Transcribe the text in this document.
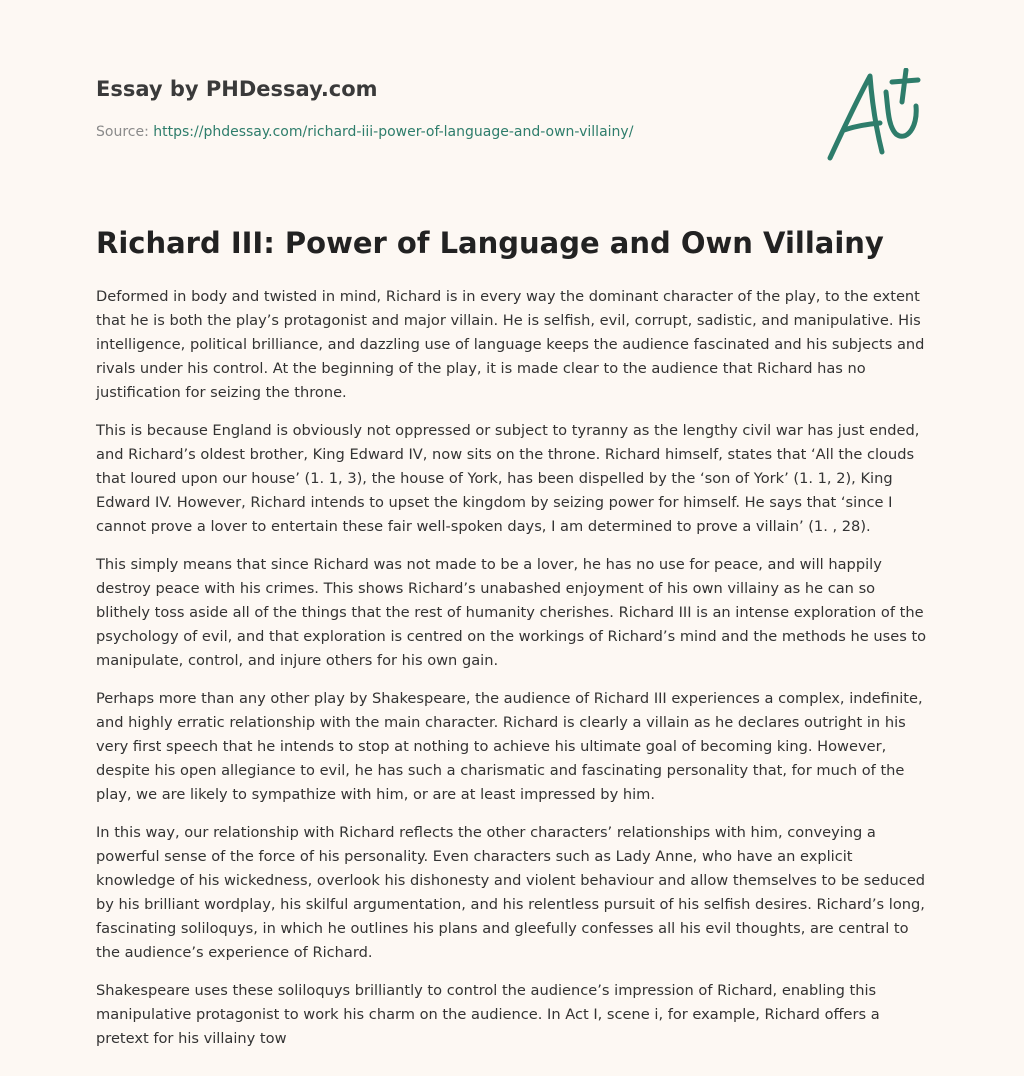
Essay by PHDessay.com
Source: https://phdessay.com/richard-iii-power-of-language-and-own-villainy/
Richard III: Power of Language and Own Villainy

Deformed in body and twisted in mind, Richard is in every way the dominant character of the play, to the extent that he is both the play’s protagonist and major villain. He is selfish, evil, corrupt, sadistic, and manipulative. His intelligence, political brilliance, and dazzling use of language keeps the audience fascinated and his subjects and rivals under his control. At the beginning of the play, it is made clear to the audience that Richard has no justification for seizing the throne.

This is because England is obviously not oppressed or subject to tyranny as the lengthy civil war has just ended, and Richard’s oldest brother, King Edward IV, now sits on the throne. Richard himself, states that ‘All the clouds that loured upon our house’ (1. 1, 3), the house of York, has been dispelled by the ‘son of York’ (1. 1, 2), King Edward IV. However, Richard intends to upset the kingdom by seizing power for himself. He says that ‘since I cannot prove a lover to entertain these fair well-spoken days, I am determined to prove a villain’ (1. , 28).

This simply means that since Richard was not made to be a lover, he has no use for peace, and will happily destroy peace with his crimes. This shows Richard’s unabashed enjoyment of his own villainy as he can so blithely toss aside all of the things that the rest of humanity cherishes. Richard III is an intense exploration of the psychology of evil, and that exploration is centred on the workings of Richard’s mind and the methods he uses to manipulate, control, and injure others for his own gain.

Perhaps more than any other play by Shakespeare, the audience of Richard III experiences a complex, indefinite, and highly erratic relationship with the main character. Richard is clearly a villain as he declares outright in his very first speech that he intends to stop at nothing to achieve his ultimate goal of becoming king. However, despite his open allegiance to evil, he has such a charismatic and fascinating personality that, for much of the play, we are likely to sympathize with him, or are at least impressed by him.

In this way, our relationship with Richard reflects the other characters’ relationships with him, conveying a powerful sense of the force of his personality. Even characters such as Lady Anne, who have an explicit knowledge of his wickedness, overlook his dishonesty and violent behaviour and allow themselves to be seduced by his brilliant wordplay, his skilful argumentation, and his relentless pursuit of his selfish desires. Richard’s long, fascinating soliloquys, in which he outlines his plans and gleefully confesses all his evil thoughts, are central to the audience’s experience of Richard.

Shakespeare uses these soliloquys brilliantly to control the audience’s impression of Richard, enabling this manipulative protagonist to work his charm on the audience. In Act I, scene i, for example, Richard offers a pretext for his villainy tow
